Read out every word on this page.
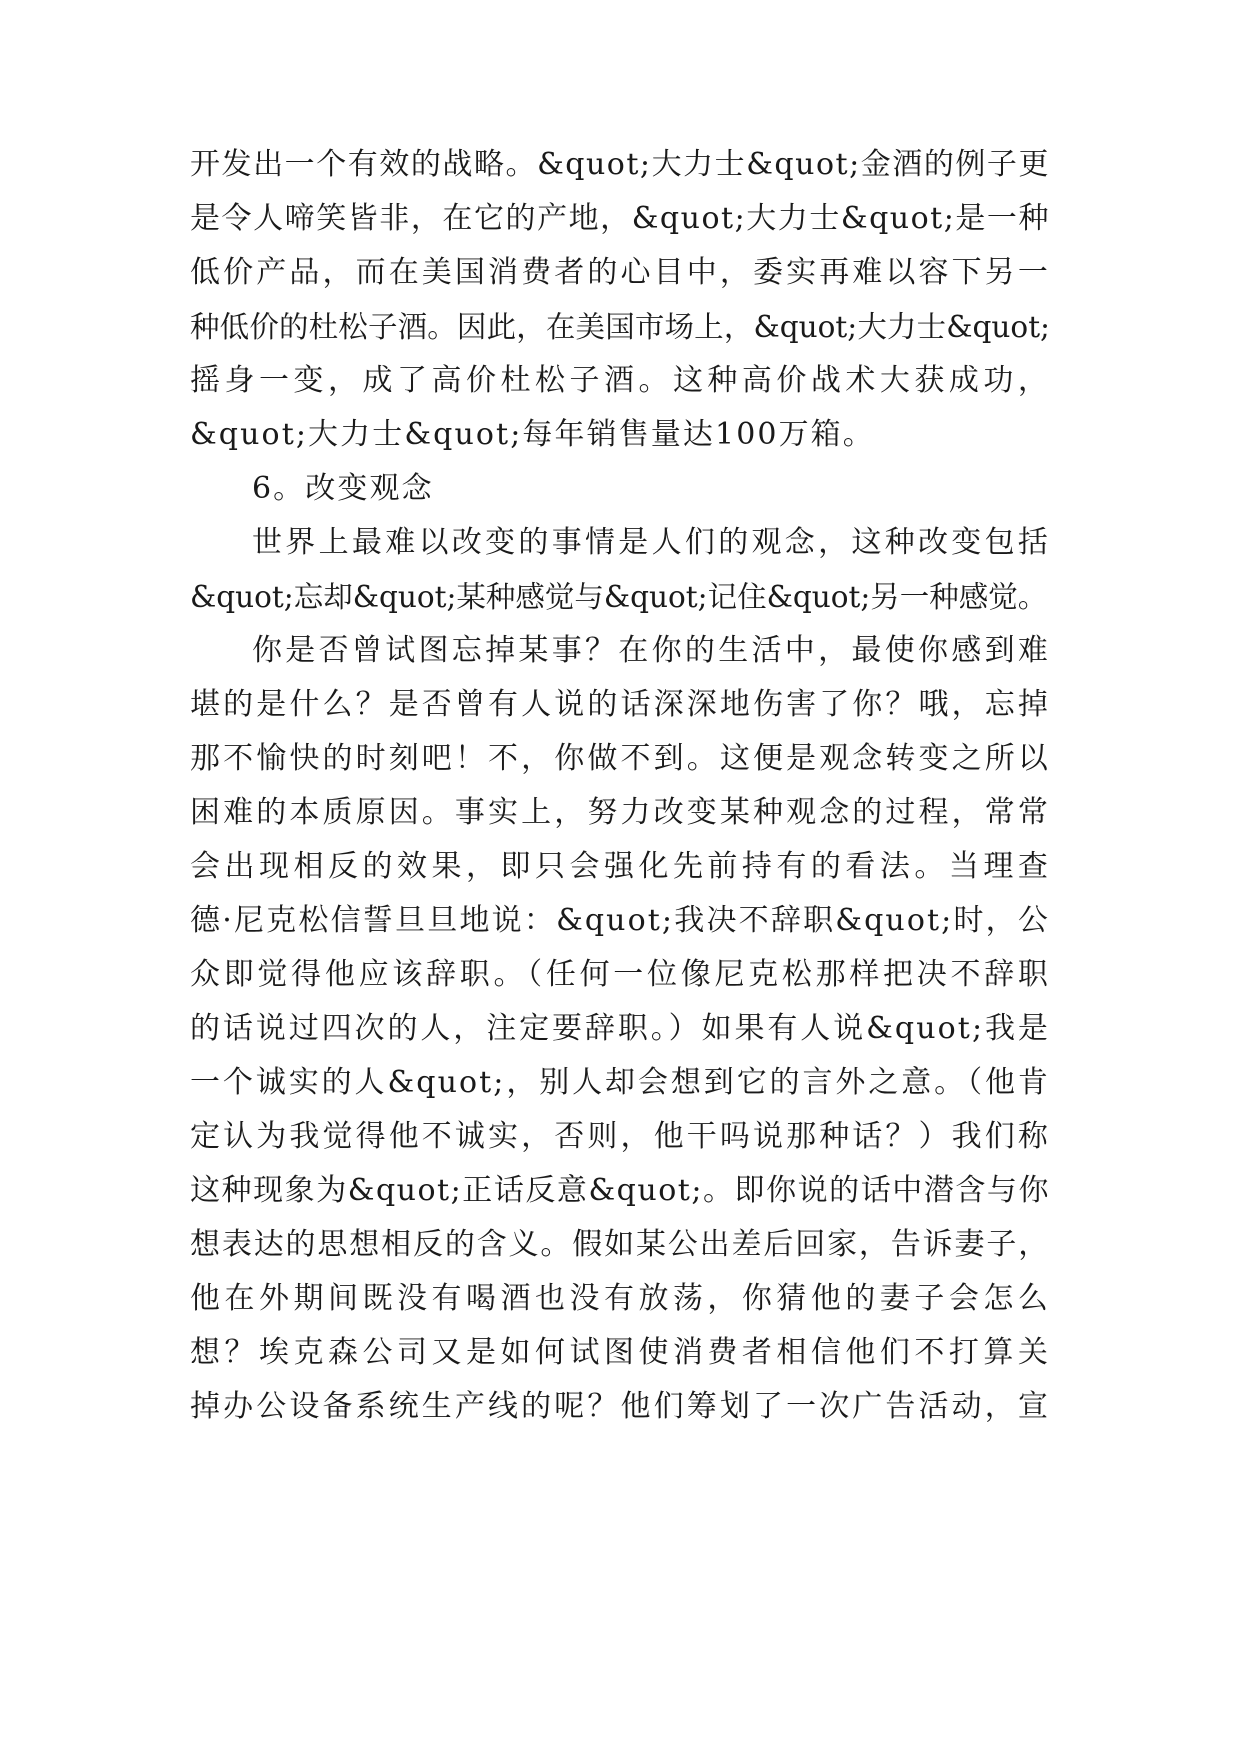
开发出一个有效的战略。&quot;大力士&quot;金酒的例子更
是令人啼笑皆非，在它的产地，&quot;大力士&quot;是一种
低价产品，而在美国消费者的心目中，委实再难以容下另一
种低价的杜松子酒。因此，在美国市场上，&quot;大力士&quot;
摇身一变，成了高价杜松子酒。这种高价战术大获成功，
&quot;大力士&quot;每年销售量达100万箱。
6。改变观念
世界上最难以改变的事情是人们的观念，这种改变包括
&quot;忘却&quot;某种感觉与&quot;记住&quot;另一种感觉。
你是否曾试图忘掉某事？在你的生活中，最使你感到难
堪的是什么？是否曾有人说的话深深地伤害了你？哦，忘掉
那不愉快的时刻吧！不，你做不到。这便是观念转变之所以
困难的本质原因。事实上，努力改变某种观念的过程，常常
会出现相反的效果，即只会强化先前持有的看法。当理查
德·尼克松信誓旦旦地说：&quot;我决不辞职&quot;时，公
众即觉得他应该辞职。（任何一位像尼克松那样把决不辞职
的话说过四次的人，注定要辞职。）如果有人说&quot;我是
一个诚实的人&quot;，别人却会想到它的言外之意。（他肯
定认为我觉得他不诚实，否则，他干吗说那种话？）我们称
这种现象为&quot;正话反意&quot;。即你说的话中潜含与你
想表达的思想相反的含义。假如某公出差后回家，告诉妻子，
他在外期间既没有喝酒也没有放荡，你猜他的妻子会怎么
想？埃克森公司又是如何试图使消费者相信他们不打算关
掉办公设备系统生产线的呢？他们筹划了一次广告活动，宣
